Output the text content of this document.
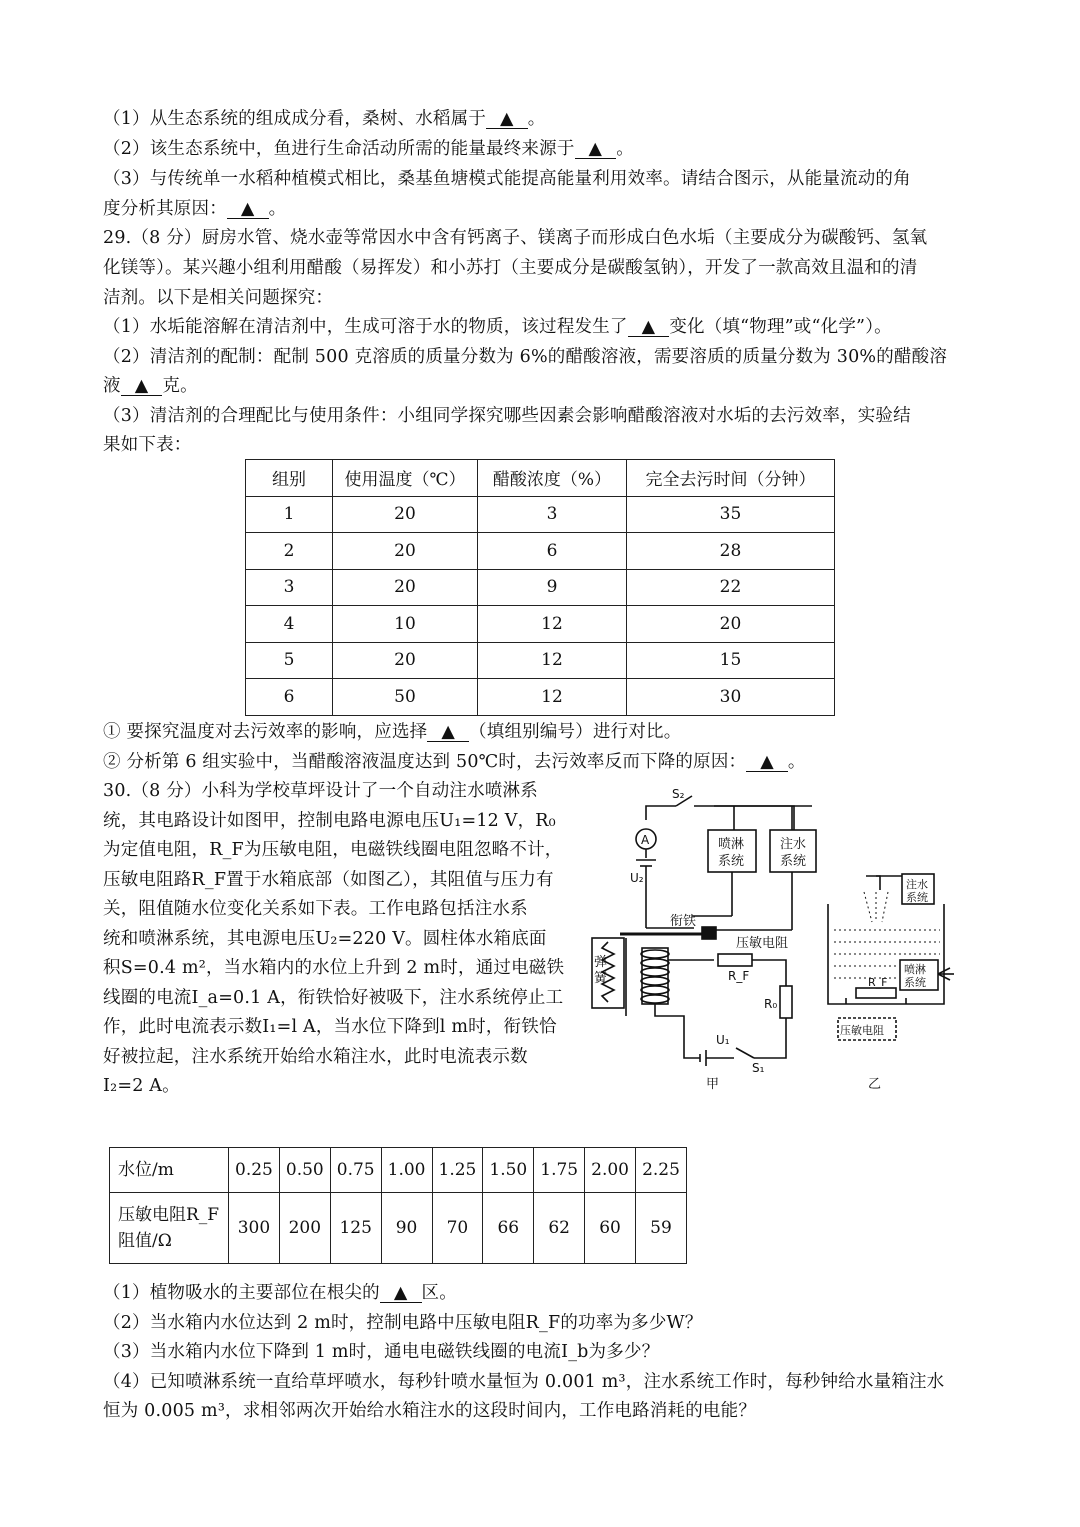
（1）从生态系统的组成成分看，桑树、水稻属于 ▲ 。
（2）该生态系统中，鱼进行生命活动所需的能量最终来源于 ▲ 。
（3）与传统单一水稻种植模式相比，桑基鱼塘模式能提高能量利用效率。请结合图示，从能量流动的角
度分析其原因： ▲ 。
29.（8 分）厨房水管、烧水壶等常因水中含有钙离子、镁离子而形成白色水垢（主要成分为碳酸钙、氢氧
化镁等）。某兴趣小组利用醋酸（易挥发）和小苏打（主要成分是碳酸氢钠），开发了一款高效且温和的清
洁剂。以下是相关问题探究：
（1）水垢能溶解在清洁剂中，生成可溶于水的物质，该过程发生了 ▲ 变化（填“物理”或“化学”）。
（2）清洁剂的配制：配制 500 克溶质的质量分数为 6%的醋酸溶液，需要溶质的质量分数为 30%的醋酸溶
液 ▲ 克。
（3）清洁剂的合理配比与使用条件：小组同学探究哪些因素会影响醋酸溶液对水垢的去污效率，实验结
果如下表：
组别	使用温度（℃）	醋酸浓度（%）	完全去污时间（分钟）
1	20	3	35
2	20	6	28
3	20	9	22
4	10	12	20
5	20	12	15
6	50	12	30
① 要探究温度对去污效率的影响，应选择 ▲ （填组别编号）进行对比。
② 分析第 6 组实验中，当醋酸溶液温度达到 50℃时，去污效率反而下降的原因： ▲ 。
30.（8 分）小科为学校草坪设计了一个自动注水喷淋系
统，其电路设计如图甲，控制电路电源电压U₁=12 V，R₀
为定值电阻，R_F为压敏电阻，电磁铁线圈电阻忽略不计，
压敏电阻路R_F置于水箱底部（如图乙），其阻值与压力有
关，阻值随水位变化关系如下表。工作电路包括注水系
统和喷淋系统，其电源电压U₂=220 V。圆柱体水箱底面
积S=0.4 m²，当水箱内的水位上升到 2 m时，通过电磁铁
线圈的电流I_a=0.1 A，衔铁恰好被吸下，注水系统停止工
作，此时电流表示数I₁=l A，当水位下降到l m时，衔铁恰
好被拉起，注水系统开始给水箱注水，此时电流表示数
I₂=2 A。
S₂
A
U₂
喷淋
系统
注水
系统
衔铁
弹
簧
压敏电阻
R_F
R₀
U₁
S₁
甲	乙
注水
系统
喷淋
系统
R_F
压敏电阻
水位/m	0.25	0.50	0.75	1.00	1.25	1.50	1.75	2.00	2.25
压敏电阻R_F
阻值/Ω	300	200	125	90	70	66	62	60	59
（1）植物吸水的主要部位在根尖的 ▲ 区。
（2）当水箱内水位达到 2 m时，控制电路中压敏电阻R_F的功率为多少W？
（3）当水箱内水位下降到 1 m时，通电电磁铁线圈的电流I_b为多少？
（4）已知喷淋系统一直给草坪喷水，每秒针喷水量恒为 0.001 m³，注水系统工作时，每秒钟给水量箱注水
恒为 0.005 m³，求相邻两次开始给水箱注水的这段时间内，工作电路消耗的电能？
